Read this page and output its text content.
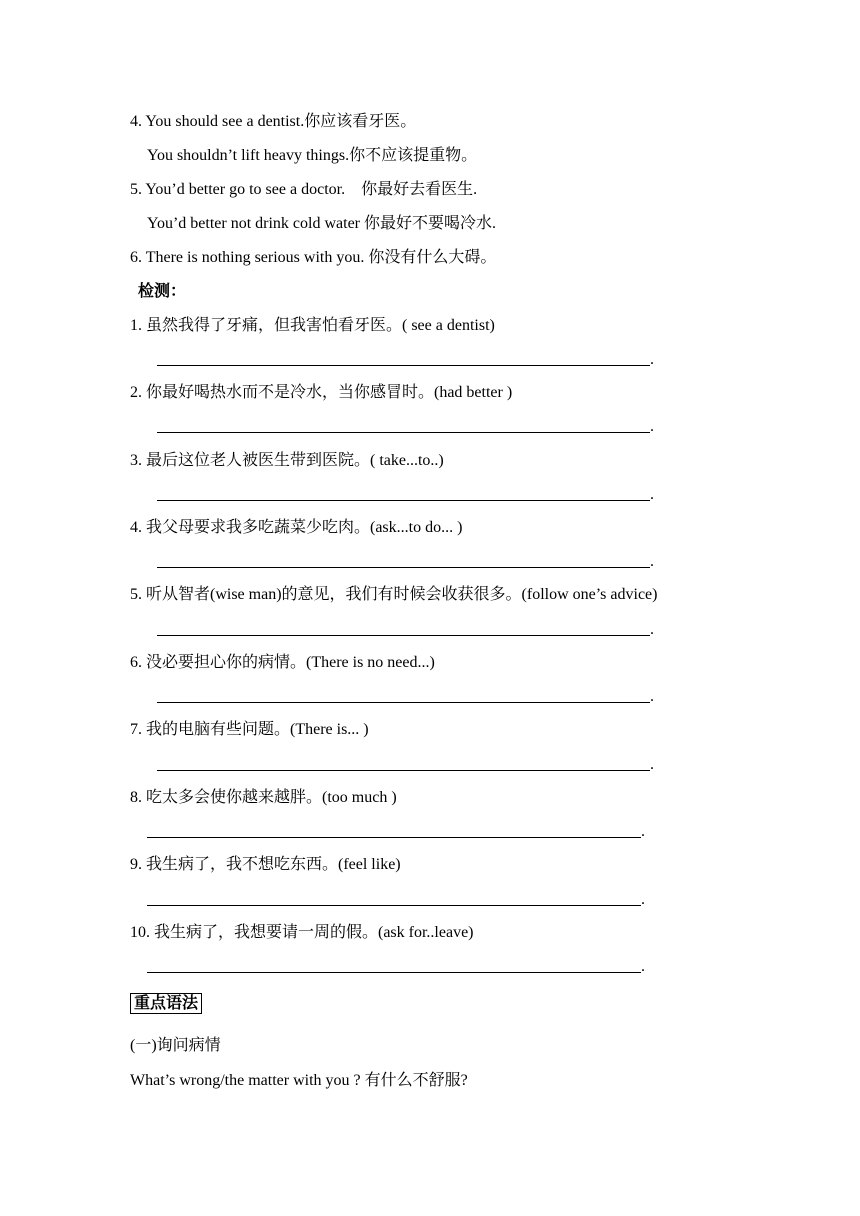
4. You should see a dentist.你应该看牙医。
You shouldn’t lift heavy things.你不应该提重物。
5. You’d better go to see a doctor.　你最好去看医生.
You’d better not drink cold water 你最好不要喝冷水.
6. There is nothing serious with you. 你没有什么大碍。
检测：
1. 虽然我得了牙痛，但我害怕看牙医。( see a dentist)
.
2. 你最好喝热水而不是冷水，当你感冒时。(had better )
.
3. 最后这位老人被医生带到医院。( take...to..)
.
4. 我父母要求我多吃蔬菜少吃肉。(ask...to do... )
.
5. 听从智者(wise man)的意见，我们有时候会收获很多。(follow one’s advice)
.
6. 没必要担心你的病情。(There is no need...)
.
7. 我的电脑有些问题。(There is... )
.
8. 吃太多会使你越来越胖。(too much )
.
9. 我生病了，我不想吃东西。(feel like)
.
10. 我生病了，我想要请一周的假。(ask for..leave)
.
重点语法
(一)询问病情
What’s wrong/the matter with you ? 有什么不舒服?
